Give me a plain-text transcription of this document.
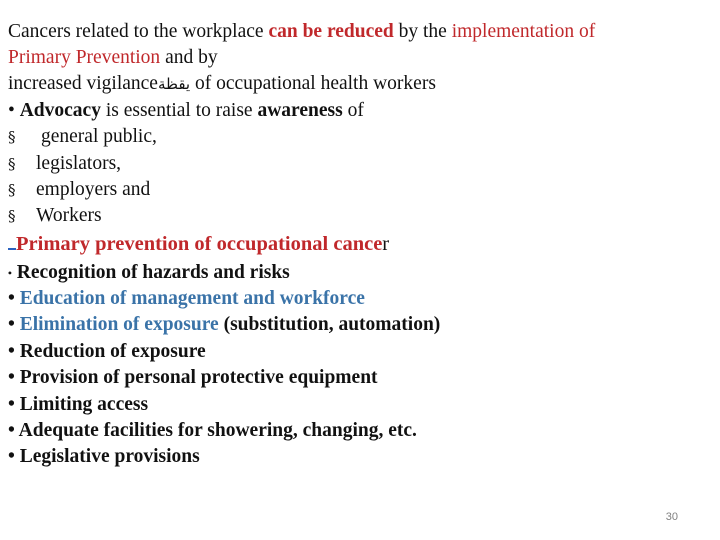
Cancers related to the workplace can be reduced by the implementation of
Primary Prevention and by
increased vigilanceيقظة of occupational health workers
• Advocacy is essential to raise awareness of
§ general public,
§ legislators,
§ employers and
§ Workers
Primary prevention of occupational cancer
• Recognition of hazards and risks
• Education of management and workforce
• Elimination of exposure (substitution, automation)
• Reduction of exposure
• Provision of personal protective equipment
• Limiting access
• Adequate facilities for showering, changing, etc.
• Legislative provisions
30
